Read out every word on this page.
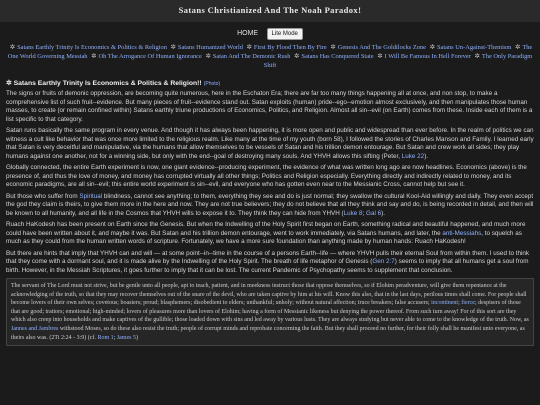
Satans Christianized And The Noah Paradox!
HOME Lite Mode
✲ Satans Earthly Trinity Is Economics & Politics & Religion ✲ Satans Humanized World ✲ First By Flood Then By Fire ✲ Genesis And The Goldilocks Zone ✲ Satans Un-Against-Themism ✲ The One World Governing Messiah ✲ Oh The Arrogance Of Human Ignorance ✲ Satan And The Demonic Rush ✲ Satans Has Conquered State ✲ I Will Be Famous In Hell Forever ✲ The Only Paradigm Shift
✲ Satans Earthly Trinity Is Economics & Politics & Religion!! (Photo)

The signs or fruits of demonic oppression, are becoming quite numerous, here in the Eschaton Era; there are far too many things happening all at once, and non stop, to make a comprehensive list of such fruit--evidence. But many pieces of fruit--evidence stand out. Satan exploits (human) pride--ego--emotion almost exclusively, and then manipulates those human masses, to create (or remain confined within) Satans earthly triune productions of Economics, Politics, and Religion. Almost all sin--evil (on Earth) comes from these. Inside each of them is a list specific to that category.

Satan runs basically the same program in every venue. And though it has always been happening, it is more open and public and widespread than ever before. In the realm of politics we can witness a cult like behavior that was once more limited to the religious realm. Like many at the time of my youth (born 58), I followed the stories of Charles Manson and Family. I learned early that Satan is very deceitful and manipulative, via the humans that allow themselves to be vessels of Satan and his trillion demon entourage. But Satan and crew work all sides; they play humans against one another, not for a winning side, but only with the end--goal of destroying many souls. And YHVH allows this sifting (Peter, Luke 22).

Globally connected, the entire Earth experiment is now, one giant evidence--producing experiment, the evidence of what was written long ago are now headlines. Economics (above) is the presence of, and thus the love of money, and money has corrupted virtually all other things; Politics and Religion especially. Everything directly and indirectly related to money, and its economic paradigms, are all sin--evil; this entire world experiment is sin--evil, and everyone who has gotten even near to the Messianic Cross, cannot help but see it.

But those who suffer from Spiritual blindness, cannot see anything; to them, everything they see and do is just normal; they swallow the cultural Kool-Aid willingly and daily. They even accept the god they claim is theirs, to give them more in the here and now. They are not true believers; they do not believe that all they think and say and do, is being recorded in detail, and then will be known to all humanity, and all life in the Cosmos that YHVH wills to expose it to. They think they can hide from YHVH (Luke 8; Gal 6).

Ruach HaKodesh has been present on Earth since the Genesis. But when the Indwelling of the Holy Spirit first began on Earth, something radical and beautiful happened, and much more could have been written about it, and maybe it was. But Satan and his trillion demon entourage, went to work immediately, via Satans humans, and later, the anti-Messiahs, to squelch as much as they could from the human written words of scripture. Fortunately, we have a more sure foundation than anything made by human hands: Ruach HaKodesh!

But there are hints that imply that YHVH can and will — at some point--in--time in the course of a persons Earth--life — where YHVH pulls their eternal Soul from within them. I used to think that they come with a dormant soul, and it is made alive by the Indwelling of the Holy Spirit. The breath of life metaphor of Genesis (Gen 2:7) seems to imply that all humans get a soul from birth. However, in the Messiah Scriptures, it goes further to imply that it can be lost. The current Pandemic of Psychopathy seems to supplement that conclusion.

The servant of The Lord must not strive, but be gentle unto all people, apt to teach, patient, and in meekness instruct those that oppose themselves, so if Elohim peradventure, will give them repentance at the acknowledging of the truth, so that they may recover themselves out of the snare of the devil, who are taken captive by him at his will. Know this also, that in the last days, perilous times shall come. For people shall become lovers of their own selves; covetous; boasters; proud; blasphemers; disobedient to elders; unthankful; unholy; without natural affection; truce breakers; false accusers; incontinent; fierce; despisers of those that are good; traitors; emotional; high-minded; lovers of pleasures more than lovers of Elohim; having a form of Messianic likeness but denying the power thereof. From such turn away! For of this sort are they which also creep into households and make captives of the gullible; those loaded down with sins and led away by various lusts. They are always studying but never able to come to the knowledge of the truth. Now, as Jannes and Jambres withstood Moses, so do these also resist the truth; people of corrupt minds and reprobate concerning the faith. But they shall proceed no further, for their folly shall be manifest unto everyone, as theirs also was. (2Ti 2:24 - 3:9) (cf. Rom 1; James 5)
